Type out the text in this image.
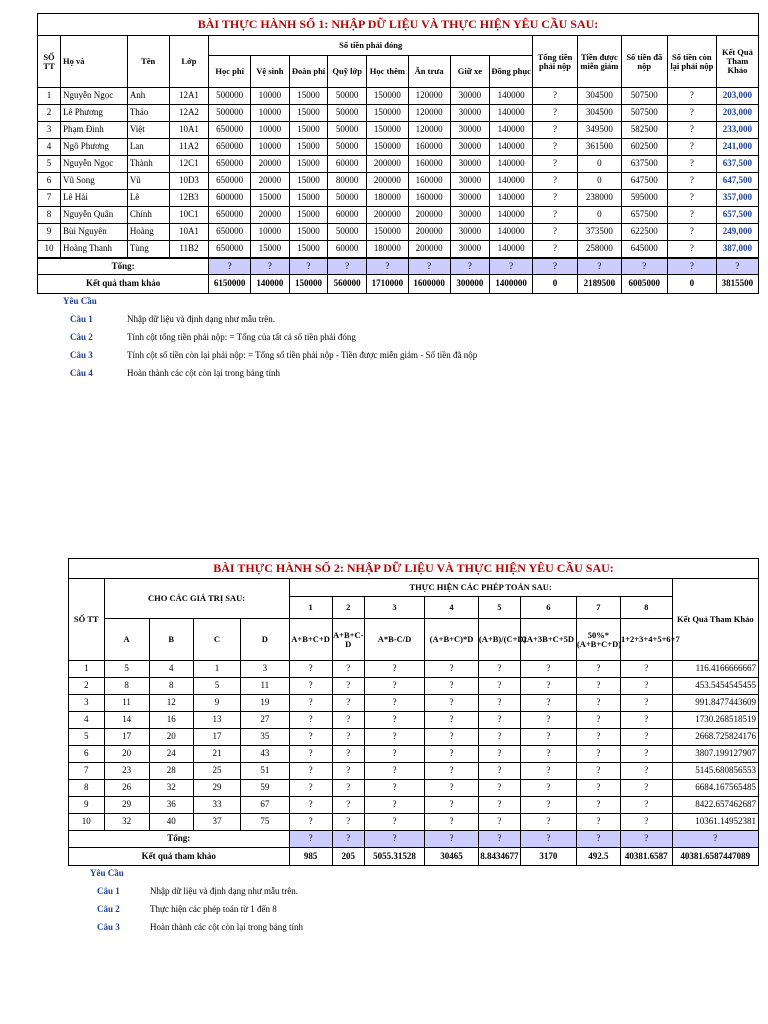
BÀI THỰC HÀNH SỐ 1: NHẬP DỮ LIỆU VÀ THỰC HIỆN YÊU CẦU SAU:																
SỐ TT	Họ và	Tên	Lớp	Số tiền phải đóng								Tổng tiền phải nộp	Tiền được miễn giảm	Số tiền đã nộp	Số tiền còn lại phải nộp	Kết Quả Tham Khảo
				Học phí	Vệ sinh	Đoàn phí	Quỹ lớp	Học thêm	Ăn trưa	Giữ xe	Đồng phục					
1	Nguyễn Ngọc	Anh	12A1	500000	10000	15000	50000	150000	120000	30000	140000	?	304500	507500	?	203,000
2	Lê Phương	Thảo	12A2	500000	10000	15000	50000	150000	120000	30000	140000	?	304500	507500	?	203,000
3	Phạm Đình	Việt	10A1	650000	10000	15000	50000	150000	120000	30000	140000	?	349500	582500	?	233,000
4	Ngô Phương	Lan	11A2	650000	10000	15000	50000	150000	160000	30000	140000	?	361500	602500	?	241,000
5	Nguyễn Ngọc	Thành	12C1	650000	20000	15000	60000	200000	160000	30000	140000	?	0	637500	?	637,500
6	Vũ Song	Vũ	10D3	650000	20000	15000	80000	200000	160000	30000	140000	?	0	647500	?	647,500
7	Lê Hải	Lê	12B3	600000	15000	15000	50000	180000	160000	30000	140000	?	238000	595000	?	357,000
8	Nguyễn Quân	Chính	10C1	650000	20000	15000	60000	200000	200000	30000	140000	?	0	657500	?	657,500
9	Bùi Nguyên	Hoàng	10A1	650000	10000	15000	50000	150000	200000	30000	140000	?	373500	622500	?	249,000
10	Hoàng Thanh	Tùng	11B2	650000	15000	15000	60000	180000	200000	30000	140000	?	258000	645000	?	387,000
Tổng:				?	?	?	?	?	?	?	?	?	?	?	?	?
Kết quả tham khảo				6150000	140000	150000	560000	1710000	1600000	300000	1400000	0	2189500	6005000	0	3815500
Yêu Cầu
Câu 1	Nhập dữ liệu và định dạng như mẫu trên.
Câu 2	Tính cột tổng tiền phải nộp: = Tổng của tất cả số tiền phải đóng
Câu 3	Tính cột số tiền còn lại phải nộp: = Tổng số tiền phải nộp - Tiền được miễn giảm - Số tiền đã nộp
Câu 4	Hoàn thành các cột còn lại trong bảng tính
BÀI THỰC HÀNH SỐ 2: NHẬP DỮ LIỆU VÀ THỰC HIỆN YÊU CẦU SAU:													
SỐ TT	CHO CÁC GIÁ TRỊ SAU:				THỰC HIỆN CÁC PHÉP TOÁN SAU:								Kết Quả Tham Khảo
					1	2	3	4	5	6	7	8	
	A	B	C	D	A+B+C+D	A+B+C-D	A*B-C/D	(A+B+C)*D	(A+B)/(C+D)	2A+3B+C+5D	50%*(A+B+C+D)	1+2+3+4+5+6+7	
1	5	4	1	3	?	?	?	?	?	?	?	?	116.4166666667
2	8	8	5	11	?	?	?	?	?	?	?	?	453.5454545455
3	11	12	9	19	?	?	?	?	?	?	?	?	991.8477443609
4	14	16	13	27	?	?	?	?	?	?	?	?	1730.268518519
5	17	20	17	35	?	?	?	?	?	?	?	?	2668.725824176
6	20	24	21	43	?	?	?	?	?	?	?	?	3807.199127907
7	23	28	25	51	?	?	?	?	?	?	?	?	5145.680856553
8	26	32	29	59	?	?	?	?	?	?	?	?	6684.167565485
9	29	36	33	67	?	?	?	?	?	?	?	?	8422.657462687
10	32	40	37	75	?	?	?	?	?	?	?	?	10361.14952381
Tổng:					?	?	?	?	?	?	?	?	?
Kết quả tham khảo					985	205	5055.31528	30465	8.8434677	3170	492.5	40381.6587	40381.6587447089
Yêu Cầu
Câu 1	Nhập dữ liệu và định dạng như mẫu trên.
Câu 2	Thực hiện các phép toán từ 1 đến 8
Câu 3	Hoàn thành các cột còn lại trong bảng tính
